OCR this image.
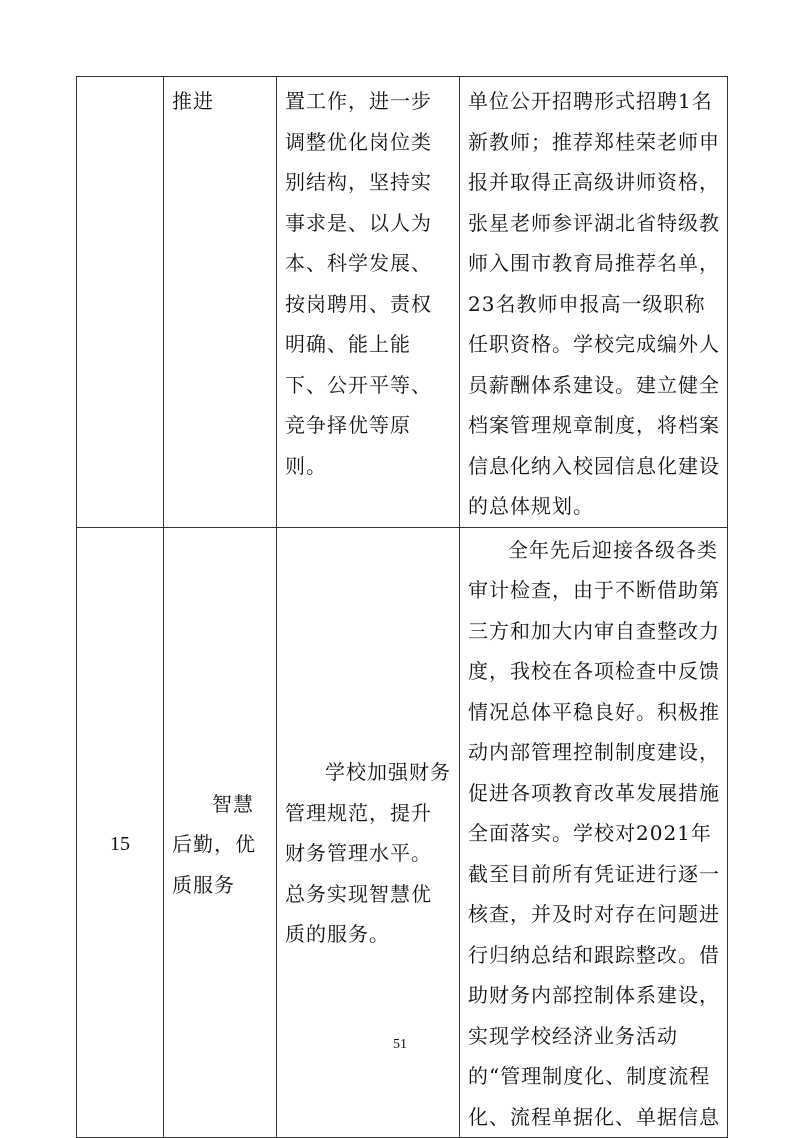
	推进	置工作，进一步调整优化岗位类别结构，坚持实事求是、以人为本、科学发展、按岗聘用、责权明确、能上能下、公开平等、竞争择优等原则。	单位公开招聘形式招聘1名新教师；推荐郑桂荣老师申报并取得正高级讲师资格，张星老师参评湖北省特级教师入围市教育局推荐名单，23名教师申报高一级职称任职资格。学校完成编外人员薪酬体系建设。建立健全档案管理规章制度，将档案信息化纳入校园信息化建设的总体规划。

15	智慧后勤，优质服务	学校加强财务管理规范，提升财务管理水平。总务实现智慧优质的服务。	全年先后迎接各级各类审计检查，由于不断借助第三方和加大内审自查整改力度，我校在各项检查中反馈情况总体平稳良好。积极推动内部管理控制制度建设，促进各项教育改革发展措施全面落实。学校对2021年截至目前所有凭证进行逐一核查，并及时对存在问题进行归纳总结和跟踪整改。借助财务内部控制体系建设，实现学校经济业务活动的“管理制度化、制度流程化、流程单据化、单据信息
51
